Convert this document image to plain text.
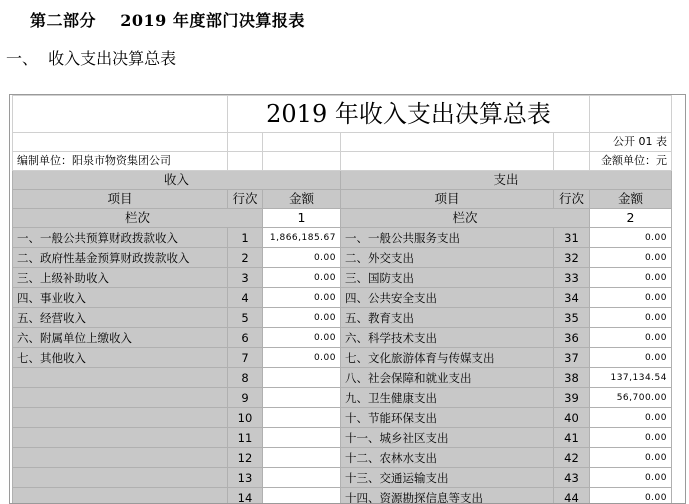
第二部分    2019 年度部门决算报表
一、  收入支出决算总表
	2019 年收入支出决算总表				
					公开 01 表
编制单位：阳泉市物资集团公司					金额单位：元
收入			支出		
项目	行次	金额	项目	行次	金额
栏次		1	栏次		2
一、一般公共预算财政拨款收入	1	1,866,185.67	一、一般公共服务支出	31	0.00
二、政府性基金预算财政拨款收入	2	0.00	二、外交支出	32	0.00
三、上级补助收入	3	0.00	三、国防支出	33	0.00
四、事业收入	4	0.00	四、公共安全支出	34	0.00
五、经营收入	5	0.00	五、教育支出	35	0.00
六、附属单位上缴收入	6	0.00	六、科学技术支出	36	0.00
七、其他收入	7	0.00	七、文化旅游体育与传媒支出	37	0.00
	8		八、社会保障和就业支出	38	137,134.54
	9		九、卫生健康支出	39	56,700.00
	10		十、节能环保支出	40	0.00
	11		十一、城乡社区支出	41	0.00
	12		十二、农林水支出	42	0.00
	13		十三、交通运输支出	43	0.00
	14		十四、资源勘探信息等支出	44	0.00
